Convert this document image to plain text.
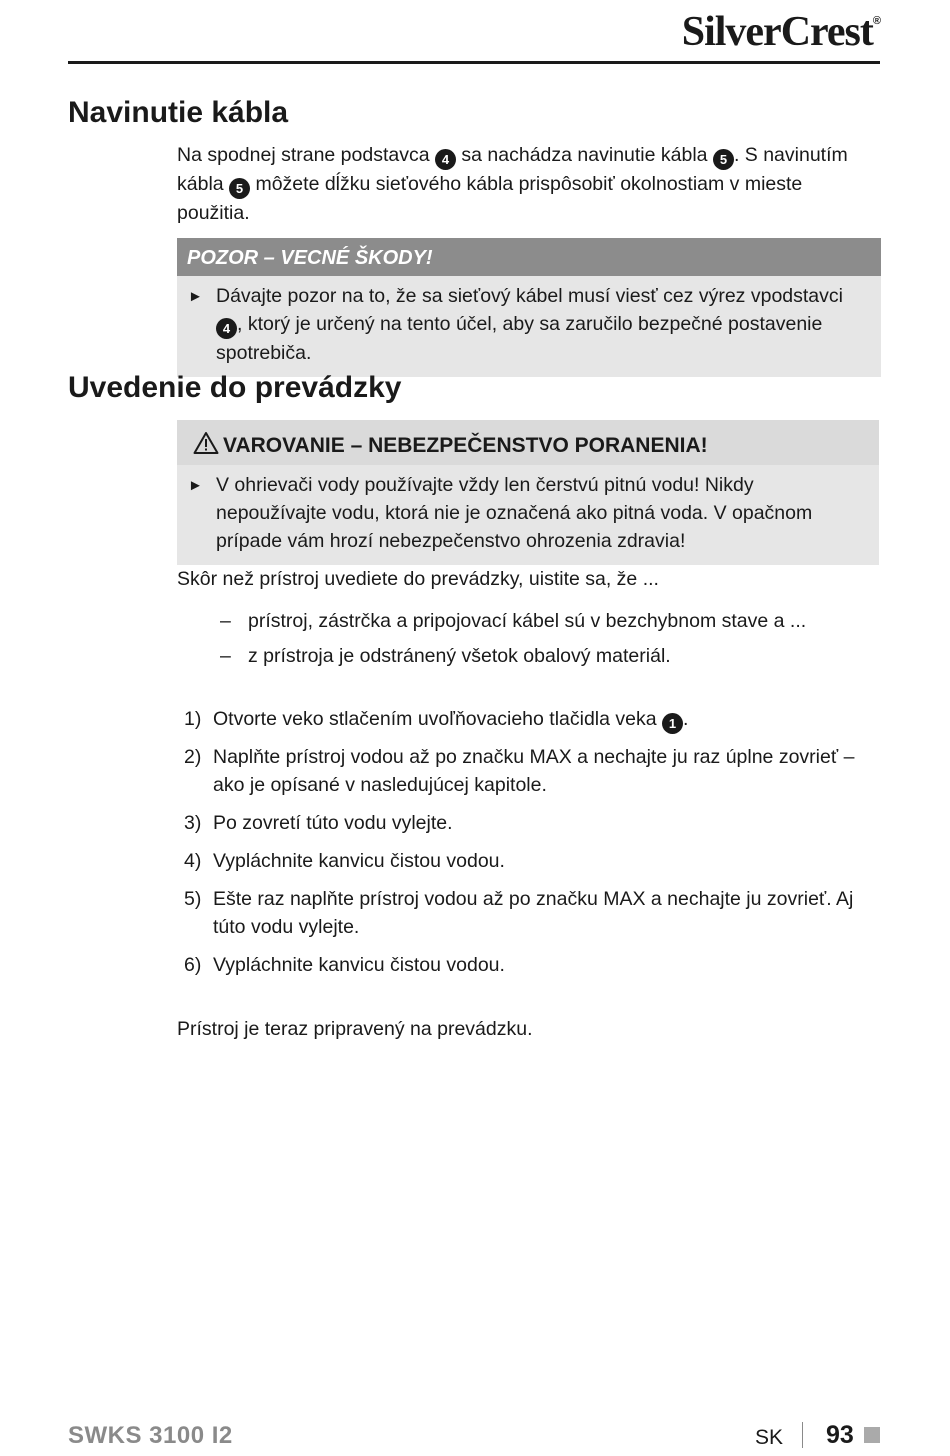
SilverCrest®
Navinutie kábla

Na spodnej strane podstavca 4 sa nachádza navinutie kábla 5 . S navinutím kábla 5 môžete dĺžku sieťového kábla prispôsobiť okolnostiam v mieste použitia.

POZOR – VECNÉ ŠKODY!
► Dávajte pozor na to, že sa sieťový kábel musí viesť cez výrez vpodstavci 4 , ktorý je určený na tento účel, aby sa zaručilo bezpečné postavenie spotrebiča.
Uvedenie do prevádzky
VAROVANIE – NEBEZPEČENSTVO PORANENIA!
► V ohrievači vody používajte vždy len čerstvú pitnú vodu! Nikdy nepoužívajte vodu, ktorá nie je označená ako pitná voda. V opačnom prípade vám hrozí nebezpečenstvo ohrozenia zdravia!

Skôr než prístroj uvediete do prevádzky, uistite sa, že ...

– prístroj, zástrčka a pripojovací kábel sú v bezchybnom stave a ...
– z prístroja je odstránený všetok obalový materiál.
1) Otvorte veko stlačením uvoľňovacieho tlačidla veka 1 .
2) Naplňte prístroj vodou až po značku MAX a nechajte ju raz úplne zovrieť – ako je opísané v nasledujúcej kapitole.
3) Po zovretí túto vodu vylejte.
4) Vypláchnite kanvicu čistou vodou.
5) Ešte raz naplňte prístroj vodou až po značku MAX a nechajte ju zovrieť. Aj túto vodu vylejte.
6) Vypláchnite kanvicu čistou vodou.

Prístroj je teraz pripravený na prevádzku.

SWKS 3100 I2	SK 93
